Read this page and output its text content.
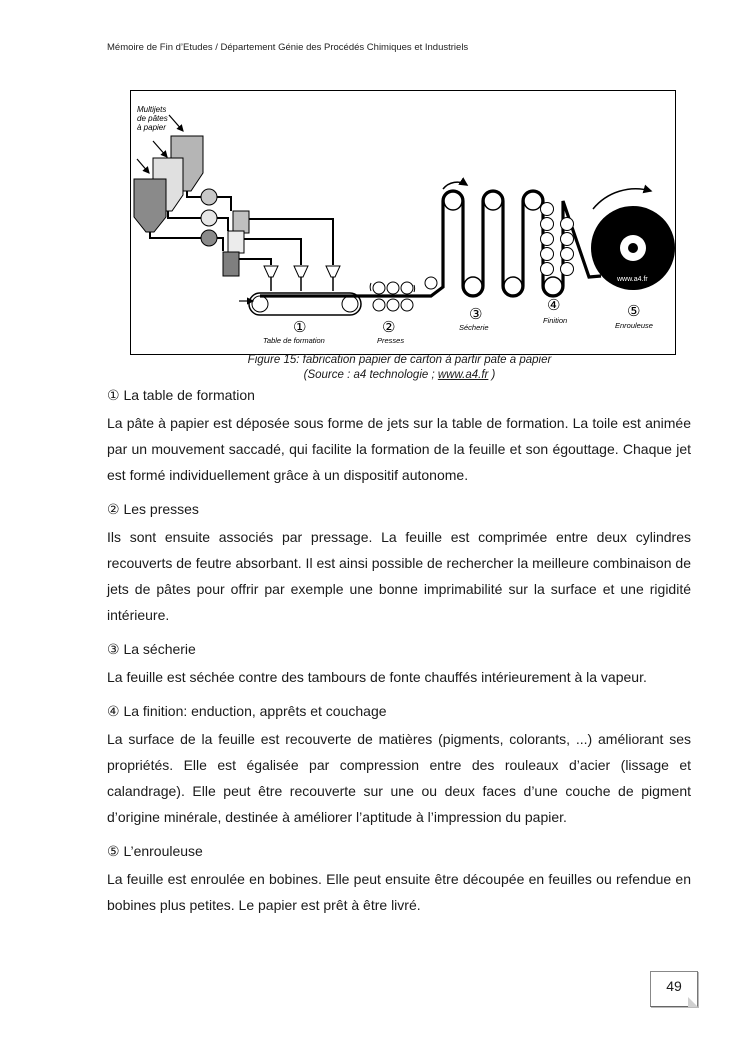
Mémoire de Fin d’Etudes / Département Génie des Procédés Chimiques et Industriels
Multijets
de pâtes
à papier
www.a4.fr
①
Table de formation
②
Presses
③
Sécherie
④
Finition
⑤
Enrouleuse
Figure 15: fabrication papier de carton à partir pate a papier
(Source : a4 technologie ; www.a4.fr )

① La table de formation

La pâte à papier est déposée sous forme de jets sur la table de formation. La toile est animée par un mouvement saccadé, qui facilite la formation de la feuille et son égouttage. Chaque jet est formé individuellement grâce à un dispositif autonome.

② Les presses

Ils sont ensuite associés par pressage. La feuille est comprimée entre deux cylindres recouverts de feutre absorbant. Il est ainsi possible de rechercher la meilleure combinaison de jets de pâtes pour offrir par exemple une bonne imprimabilité sur la surface et une rigidité intérieure.

③ La sécherie

La feuille est séchée contre des tambours de fonte chauffés intérieurement à la vapeur.

④ La finition: enduction, apprêts et couchage

La surface de la feuille est recouverte de matières (pigments, colorants, ...) améliorant ses propriétés. Elle est égalisée par compression entre des rouleaux d’acier (lissage et calandrage). Elle peut être recouverte sur une ou deux faces d’une couche de pigment d’origine minérale, destinée à améliorer l’aptitude à l’impression du papier.

⑤ L’enrouleuse

La feuille est enroulée en bobines. Elle peut ensuite être découpée en feuilles ou refendue en bobines plus petites. Le papier est prêt à être livré.

49
